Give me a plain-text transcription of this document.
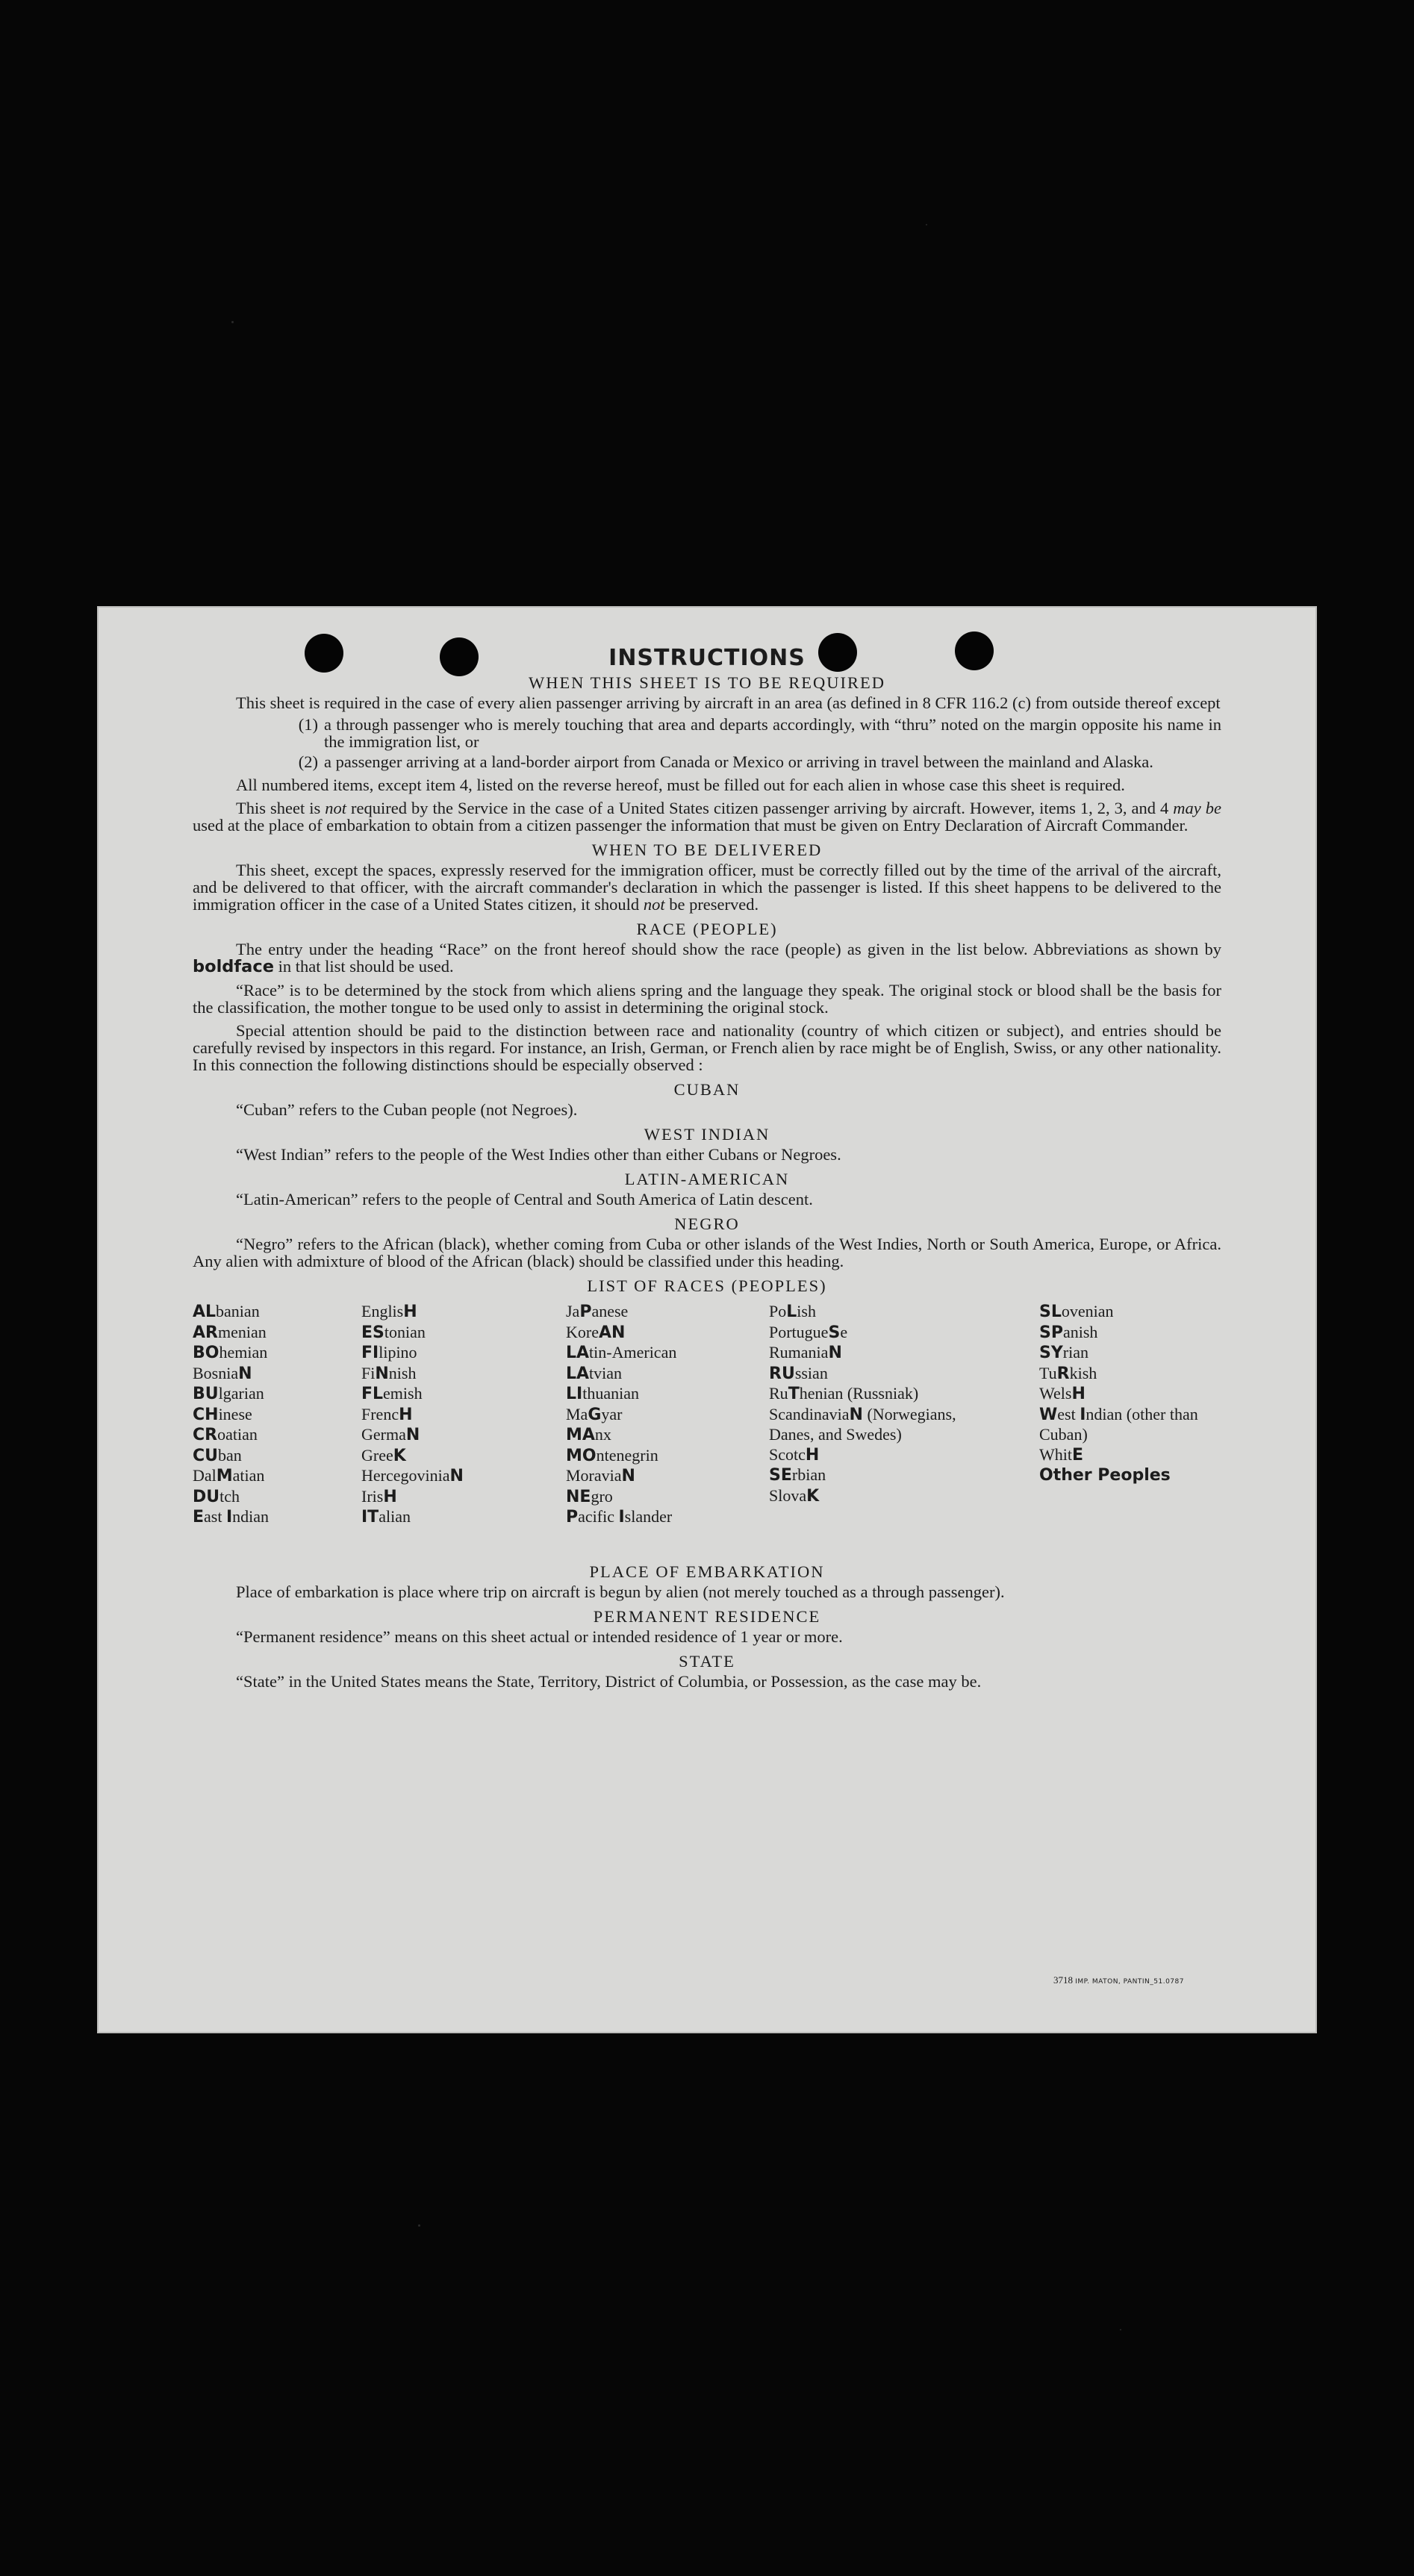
INSTRUCTIONS
WHEN THIS SHEET IS TO BE REQUIRED

This sheet is required in the case of every alien passenger arriving by aircraft in an area (as defined in 8 CFR 116.2 (c) from outside thereof except

(1) a through passenger who is merely touching that area and departs accordingly, with “thru” noted on the margin opposite his name in the immigration list, or
(2) a passenger arriving at a land-border airport from Canada or Mexico or arriving in travel between the mainland and Alaska.

All numbered items, except item 4, listed on the reverse hereof, must be filled out for each alien in whose case this sheet is required.

This sheet is not required by the Service in the case of a United States citizen passenger arriving by aircraft. However, items 1, 2, 3, and 4 may be used at the place of embarkation to obtain from a citizen passenger the information that must be given on Entry Declaration of Aircraft Commander.

WHEN TO BE DELIVERED

This sheet, except the spaces, expressly reserved for the immigration officer, must be correctly filled out by the time of the arrival of the aircraft, and be delivered to that officer, with the aircraft commander's declaration in which the passenger is listed. If this sheet happens to be delivered to the immigration officer in the case of a United States citizen, it should not be preserved.

RACE (PEOPLE)

The entry under the heading “Race” on the front hereof should show the race (people) as given in the list below. Abbreviations as shown by boldface in that list should be used.

“Race” is to be determined by the stock from which aliens spring and the language they speak. The original stock or blood shall be the basis for the classification, the mother tongue to be used only to assist in determining the original stock.

Special attention should be paid to the distinction between race and nationality (country of which citizen or subject), and entries should be carefully revised by inspectors in this regard. For instance, an Irish, German, or French alien by race might be of English, Swiss, or any other nationality. In this connection the following distinctions should be especially observed :

CUBAN

“Cuban” refers to the Cuban people (not Negroes).

WEST INDIAN

“West Indian” refers to the people of the West Indies other than either Cubans or Negroes.

LATIN-AMERICAN

“Latin-American” refers to the people of Central and South America of Latin descent.

NEGRO

“Negro” refers to the African (black), whether coming from Cuba or other islands of the West Indies, North or South America, Europe, or Africa. Any alien with admixture of blood of the African (black) should be classified under this heading.

LIST OF RACES (PEOPLES)
ALbanian
ARmenian
BOhemian
BosniaN
BUlgarian
CHinese
CRoatian
CUban
DalMatian
DUtch
East Indian
EnglisH
EStonian
FIlipino
FiNnish
FLemish
FrencH
GermaN
GreeK
HercegoviniaN
IrisH
ITalian
JaPanese
KoreAN
LAtin-American
LAtvian
LIthuanian
MaGyar
MAnx
MOntenegrin
MoraviaN
NEgro
Pacific Islander
PoLish
PortugueSe
RumaniaN
RUssian
RuThenian (Russniak)
ScandinaviaN (Norwegians, Danes, and Swedes)
ScotcH
SErbian
SlovaK
SLovenian
SPanish
SYrian
TuRkish
WelsH
West Indian (other than Cuban)
WhitE
Other Peoples
PLACE OF EMBARKATION

Place of embarkation is place where trip on aircraft is begun by alien (not merely touched as a through passenger).

PERMANENT RESIDENCE

“Permanent residence” means on this sheet actual or intended residence of 1 year or more.

STATE

“State” in the United States means the State, Territory, District of Columbia, or Possession, as the case may be.

3718 IMP. MATON, PANTIN_51.0787
